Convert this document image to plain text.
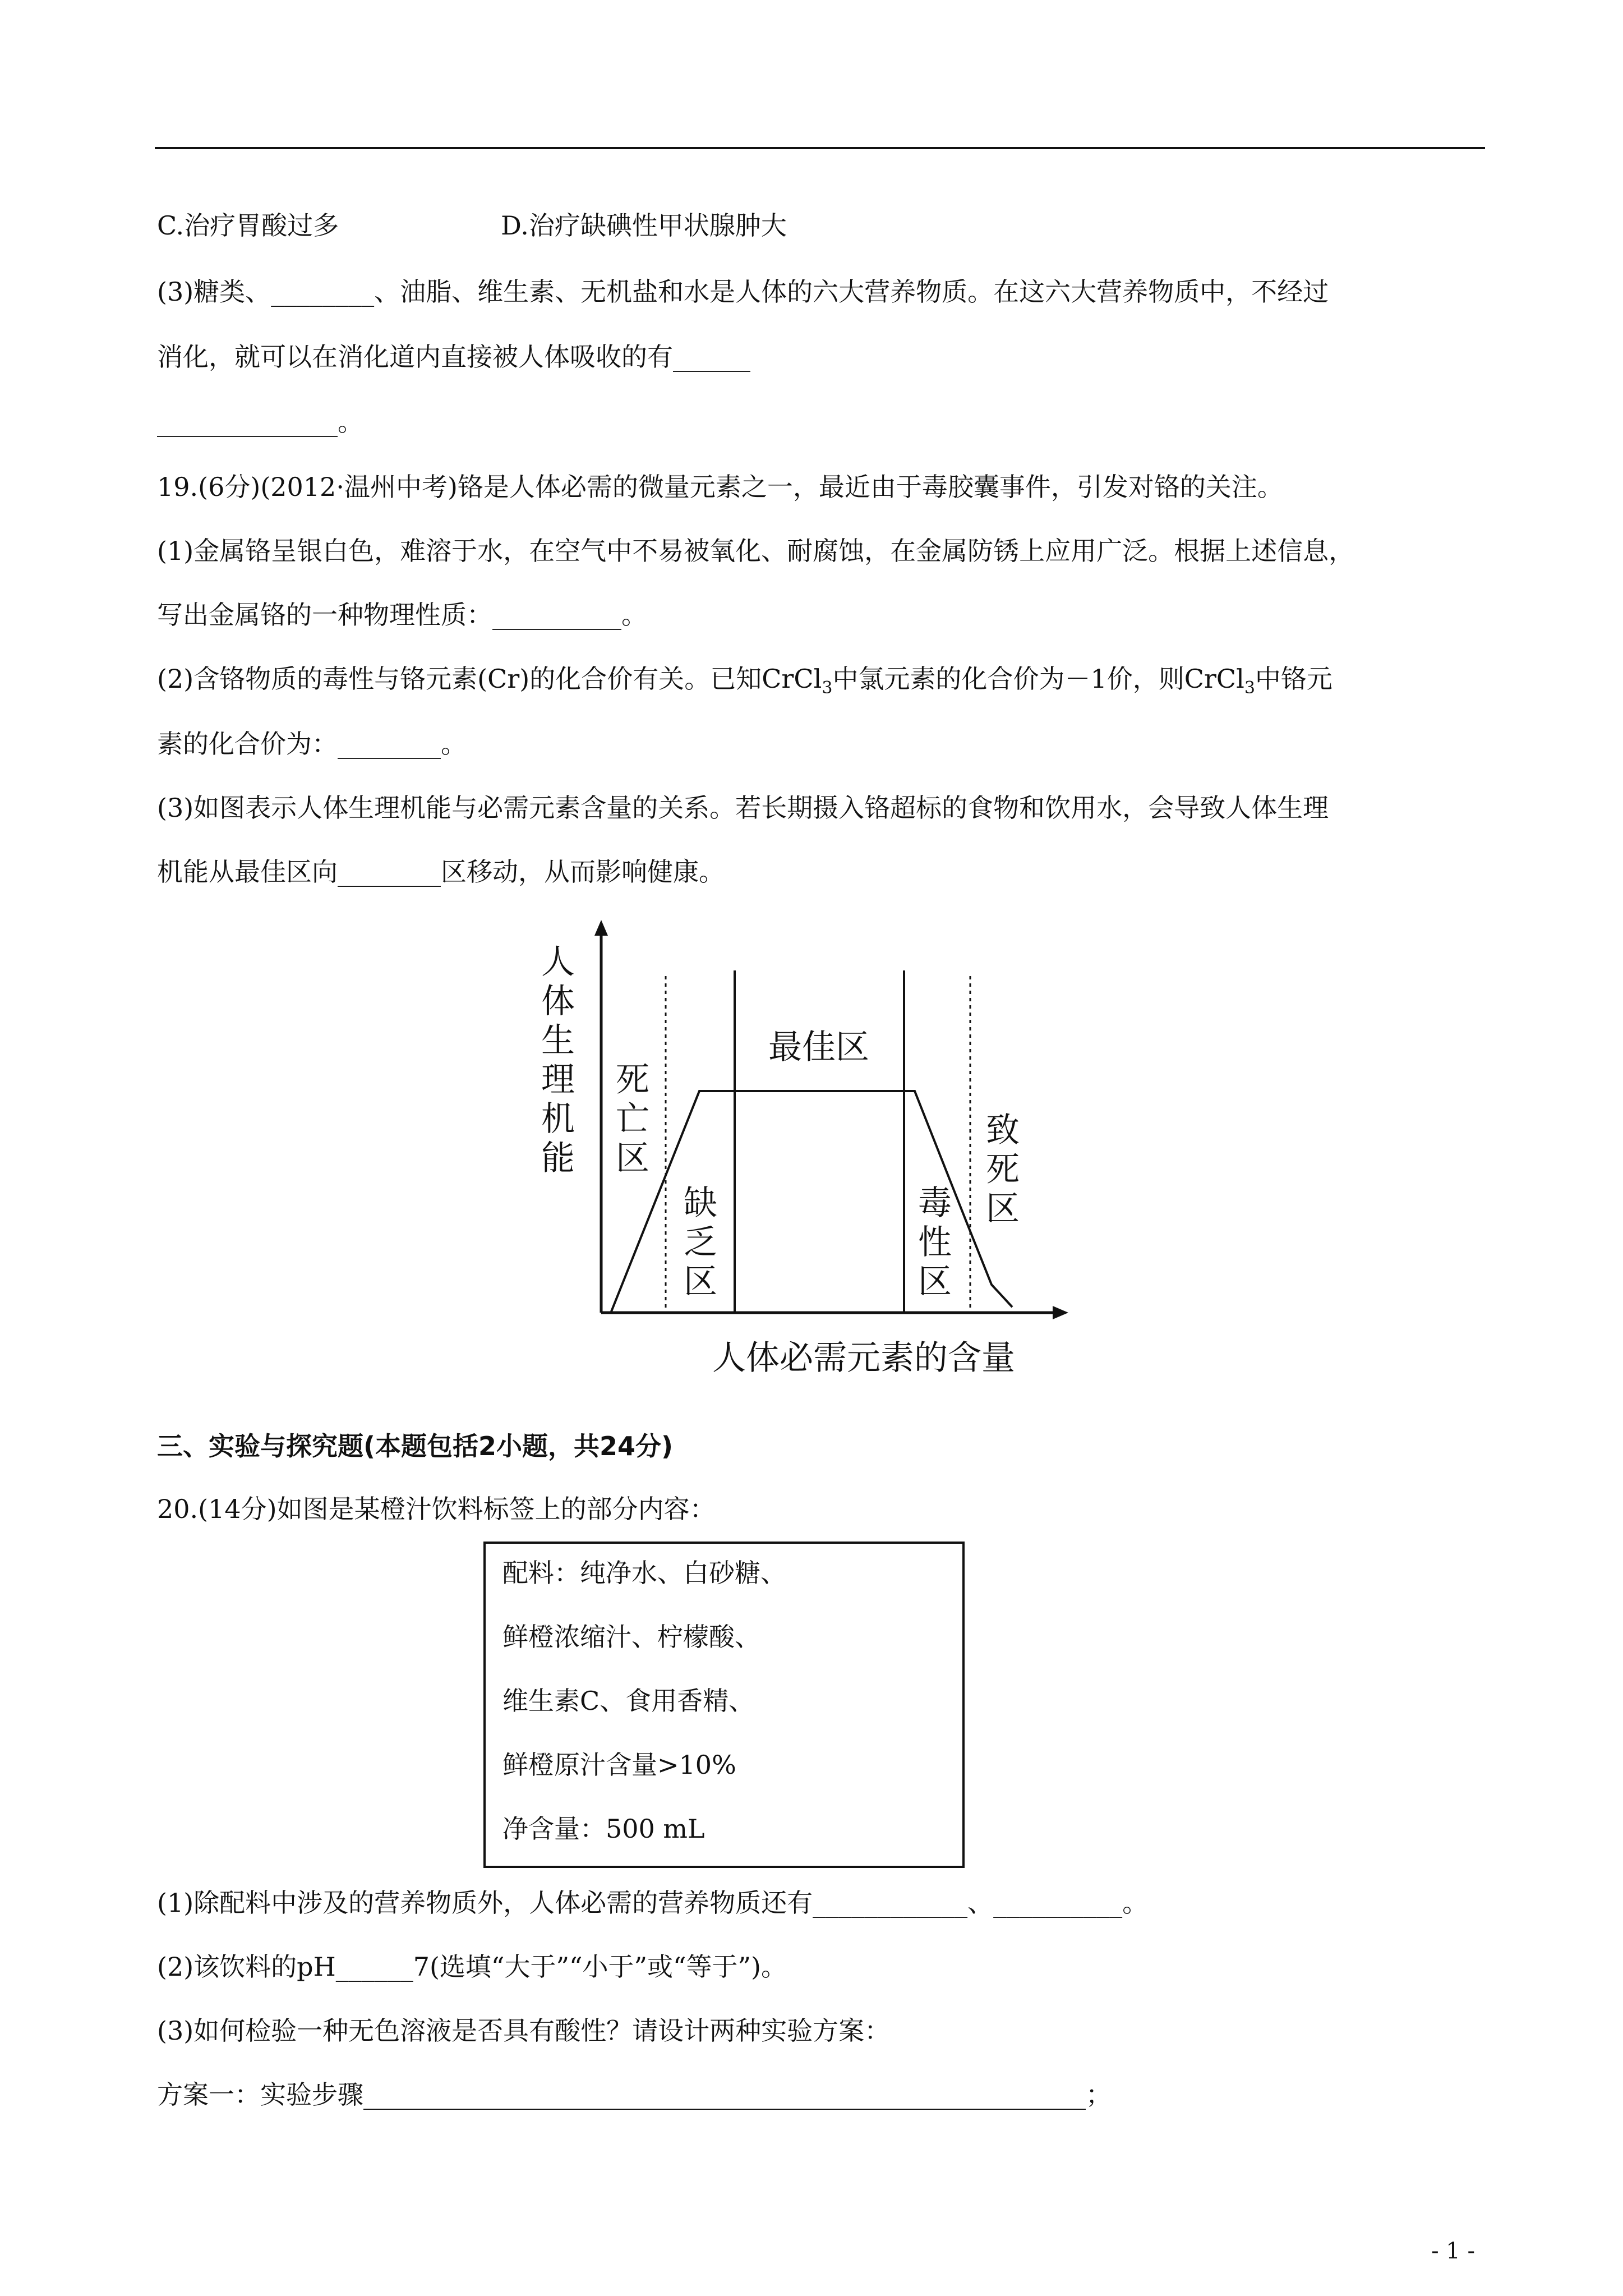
C.治疗胃酸过多	D.治疗缺碘性甲状腺肿大
(3)糖类、________、油脂、维生素、无机盐和水是人体的六大营养物质。在这六大营养物质中，不经过
消化，就可以在消化道内直接被人体吸收的有______
______________。
19.(6分)(2012·温州中考)铬是人体必需的微量元素之一，最近由于毒胶囊事件，引发对铬的关注。
(1)金属铬呈银白色，难溶于水，在空气中不易被氧化、耐腐蚀，在金属防锈上应用广泛。根据上述信息，
写出金属铬的一种物理性质：__________。
(2)含铬物质的毒性与铬元素(Cr)的化合价有关。已知CrCl$_3$中氯元素的化合价为－1价，则CrCl$_3$中铬元
素的化合价为：________。
(3)如图表示人体生理机能与必需元素含量的关系。若长期摄入铬超标的食物和饮用水，会导致人体生理
机能从最佳区向________区移动，从而影响健康。
人体生理机能
死亡区
缺乏区
最佳区
毒性区
致死区
人体必需元素的含量
三、实验与探究题(本题包括2小题，共24分)
20.(14分)如图是某橙汁饮料标签上的部分内容：
配料：纯净水、白砂糖、
鲜橙浓缩汁、柠檬酸、
维生素C、食用香精、
鲜橙原汁含量>10%
净含量：500 mL
(1)除配料中涉及的营养物质外，人体必需的营养物质还有____________、__________。
(2)该饮料的pH______7(选填“大于”“小于”或“等于”)。
(3)如何检验一种无色溶液是否具有酸性？请设计两种实验方案：
方案一：实验步骤________________________________________________________；
- 1 -
